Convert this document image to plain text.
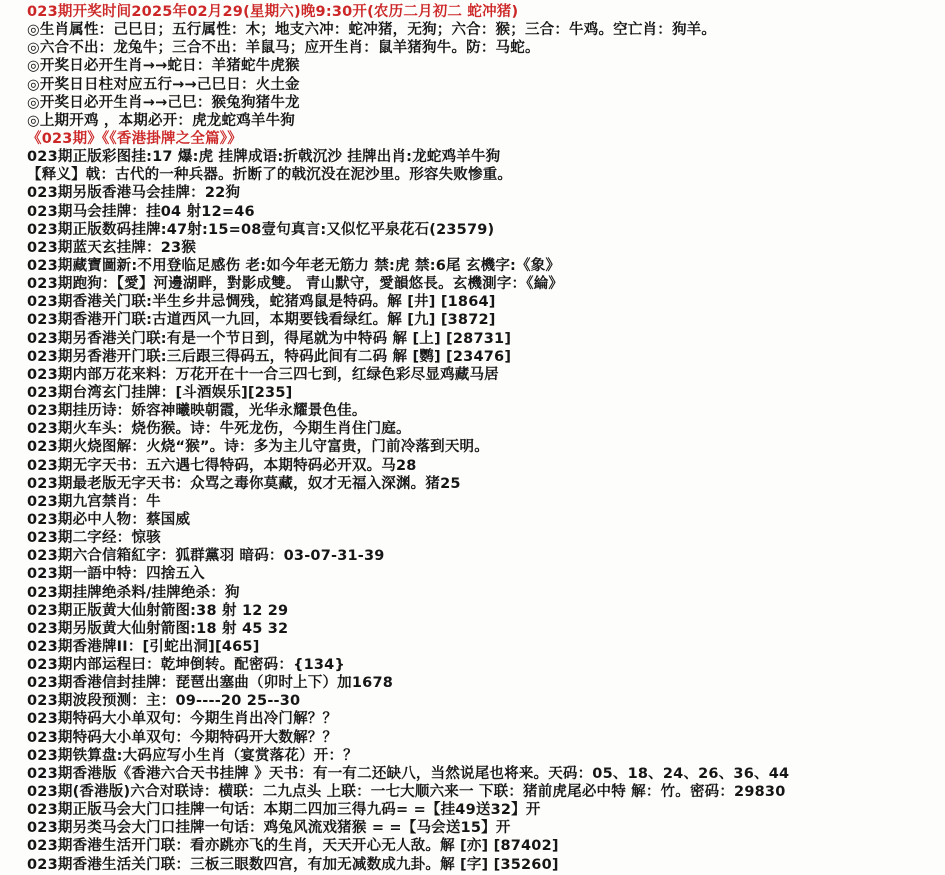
023期开奖时间2025年02月29(星期六)晚9:30开(农历二月初二 蛇冲猪)
◎生肖属性：己巳日；五行属性：木；地支六冲：蛇冲猪，无狗；六合：猴；三合：牛鸡。空亡肖：狗羊。
◎六合不出：龙兔牛；三合不出：羊鼠马；应开生肖：鼠羊猪狗牛。防：马蛇。
◎开奖日必开生肖→→蛇日：羊猪蛇牛虎猴
◎开奖日日柱对应五行→→己巳日：火土金
◎开奖日必开生肖→→己巳：猴兔狗猪牛龙
◎上期开鸡 ，本期必开：虎龙蛇鸡羊牛狗
《023期》《《香港掛牌之全篇》》
023期正版彩图挂:17 爆:虎 挂牌成语:折戟沉沙 挂牌出肖:龙蛇鸡羊牛狗
【释义】戟：古代的一种兵器。折断了的戟沉没在泥沙里。形容失败惨重。
023期另版香港马会挂牌：22狗
023期马会挂牌：挂04 射12=46
023期正版数码挂牌:47射:15=08壹句真言:又似忆平泉花石(23579)
023期蓝天玄挂牌：23猴
023期藏寶圖新:不用登临足感伤 老:如今年老无筋力 禁:虎 禁:6尾 玄機字:《象》
023期跑狗：【愛】河邊湖畔，對影成雙。 青山默守，愛韻悠長。玄機測字：《綸》
023期香港关门联:半生乡井忌惆残，蛇猪鸡鼠是特码。解 [井] [1864]
023期香港开门联:古道西风一九回，本期要钱看绿红。解 [九] [3872]
023期另香港关门联:有是一个节日到，得尾就为中特码 解 [上] [28731]
023期另香港开门联:三后跟三得码五，特码此间有二码 解 [鹦] [23476]
023期内部万花来料：万花开在十一合三四七到，红绿色彩尽显鸡藏马居
023期台湾玄门挂牌：[斗酒娱乐][235]
023期挂历诗：娇容神曦映朝霞，光华永耀景色佳。
023期火车头：烧伤猴。诗：牛死龙伤，今期生肖住门庭。
023期火烧图解：火烧“猴”。诗：多为主儿守富贵，门前冷落到天明。
023期无字天书：五六遇七得特码，本期特码必开双。马28
023期最老版无字天书：众骂之毒你莫藏，奴才无福入深渊。猪25
023期九宫禁肖：牛
023期必中人物：蔡国威
023期二字经：惊骇
023期六合信箱紅字：狐群黨羽 暗码：03-07-31-39
023期一語中特：四捨五入
023期挂牌绝杀料/挂牌绝杀：狗
023期正版黄大仙射箭图:38 射 12 29
023期另版黄大仙射箭图:18 射 45 32
023期香港牌II：[引蛇出洞][465]
023期内部运程曰：乾坤倒转。配密码：{134}
023期香港信封挂牌：琵琶出塞曲（卯时上下）加1678
023期波段预测：主：09----20 25--30
023期特码大小单双句：今期生肖出冷门解？？
023期特码大小单双句：今期特码开大数解？？
023期铁算盘:大码应写小生肖（宴赏落花）开：？
023期香港版《香港六合天书挂牌 》天书：有一有二还缺八，当然说尾也将来。天码：05、18、24、26、36、44
023期(香港版)六合对联诗：横联：二九点头 上联：一七大顺六来一 下联：猪前虎尾必中特 解：竹。密码：29830
023期正版马会大门口挂牌一句话：本期二四加三得九码= =【挂49送32】开
023期另类马会大门口挂牌一句话：鸡兔风流戏猪猴 = =【马会送15】开
023期香港生活开门联：看亦跳亦飞的生肖，天天开心无人敌。解 [亦] [87402]
023期香港生活关门联：三板三眼数四宫，有加无减数成九卦。解 [字] [35260]
